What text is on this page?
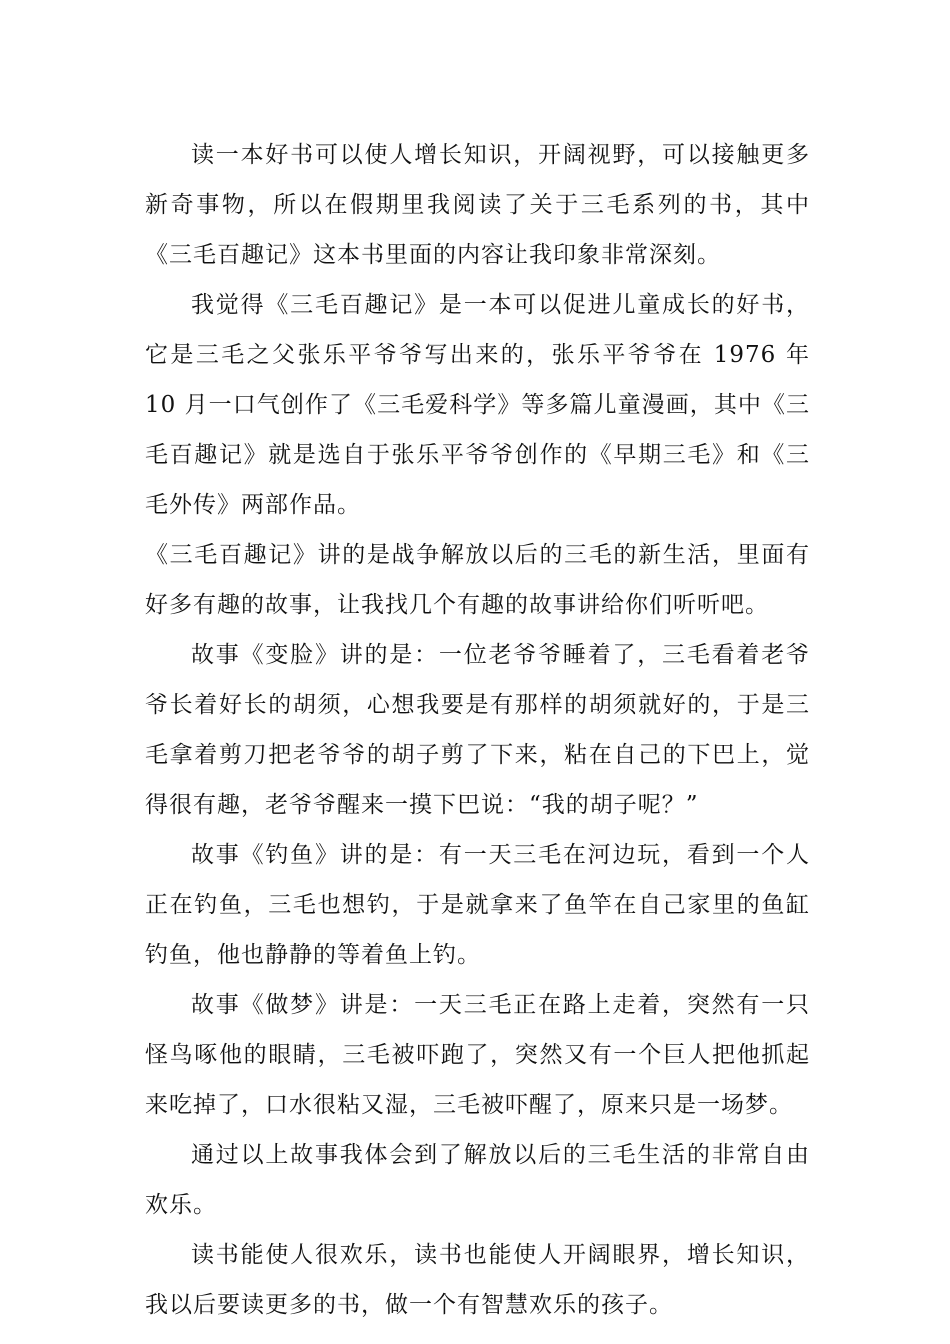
读一本好书可以使人增长知识，开阔视野，可以接触更多新奇事物，所以在假期里我阅读了关于三毛系列的书，其中《三毛百趣记》这本书里面的内容让我印象非常深刻。

我觉得《三毛百趣记》是一本可以促进儿童成长的好书，它是三毛之父张乐平爷爷写出来的，张乐平爷爷在 1976 年 10 月一口气创作了《三毛爱科学》等多篇儿童漫画，其中《三毛百趣记》就是选自于张乐平爷爷创作的《早期三毛》和《三毛外传》两部作品。

《三毛百趣记》讲的是战争解放以后的三毛的新生活，里面有好多有趣的故事，让我找几个有趣的故事讲给你们听听吧。

故事《变脸》讲的是：一位老爷爷睡着了，三毛看着老爷爷长着好长的胡须，心想我要是有那样的胡须就好的，于是三毛拿着剪刀把老爷爷的胡子剪了下来，粘在自己的下巴上，觉得很有趣，老爷爷醒来一摸下巴说：“我的胡子呢？”

故事《钓鱼》讲的是：有一天三毛在河边玩，看到一个人正在钓鱼，三毛也想钓，于是就拿来了鱼竿在自己家里的鱼缸钓鱼，他也静静的等着鱼上钓。

故事《做梦》讲是：一天三毛正在路上走着，突然有一只怪鸟啄他的眼睛，三毛被吓跑了，突然又有一个巨人把他抓起来吃掉了，口水很粘又湿，三毛被吓醒了，原来只是一场梦。

通过以上故事我体会到了解放以后的三毛生活的非常自由欢乐。

读书能使人很欢乐，读书也能使人开阔眼界，增长知识，我以后要读更多的书，做一个有智慧欢乐的孩子。
